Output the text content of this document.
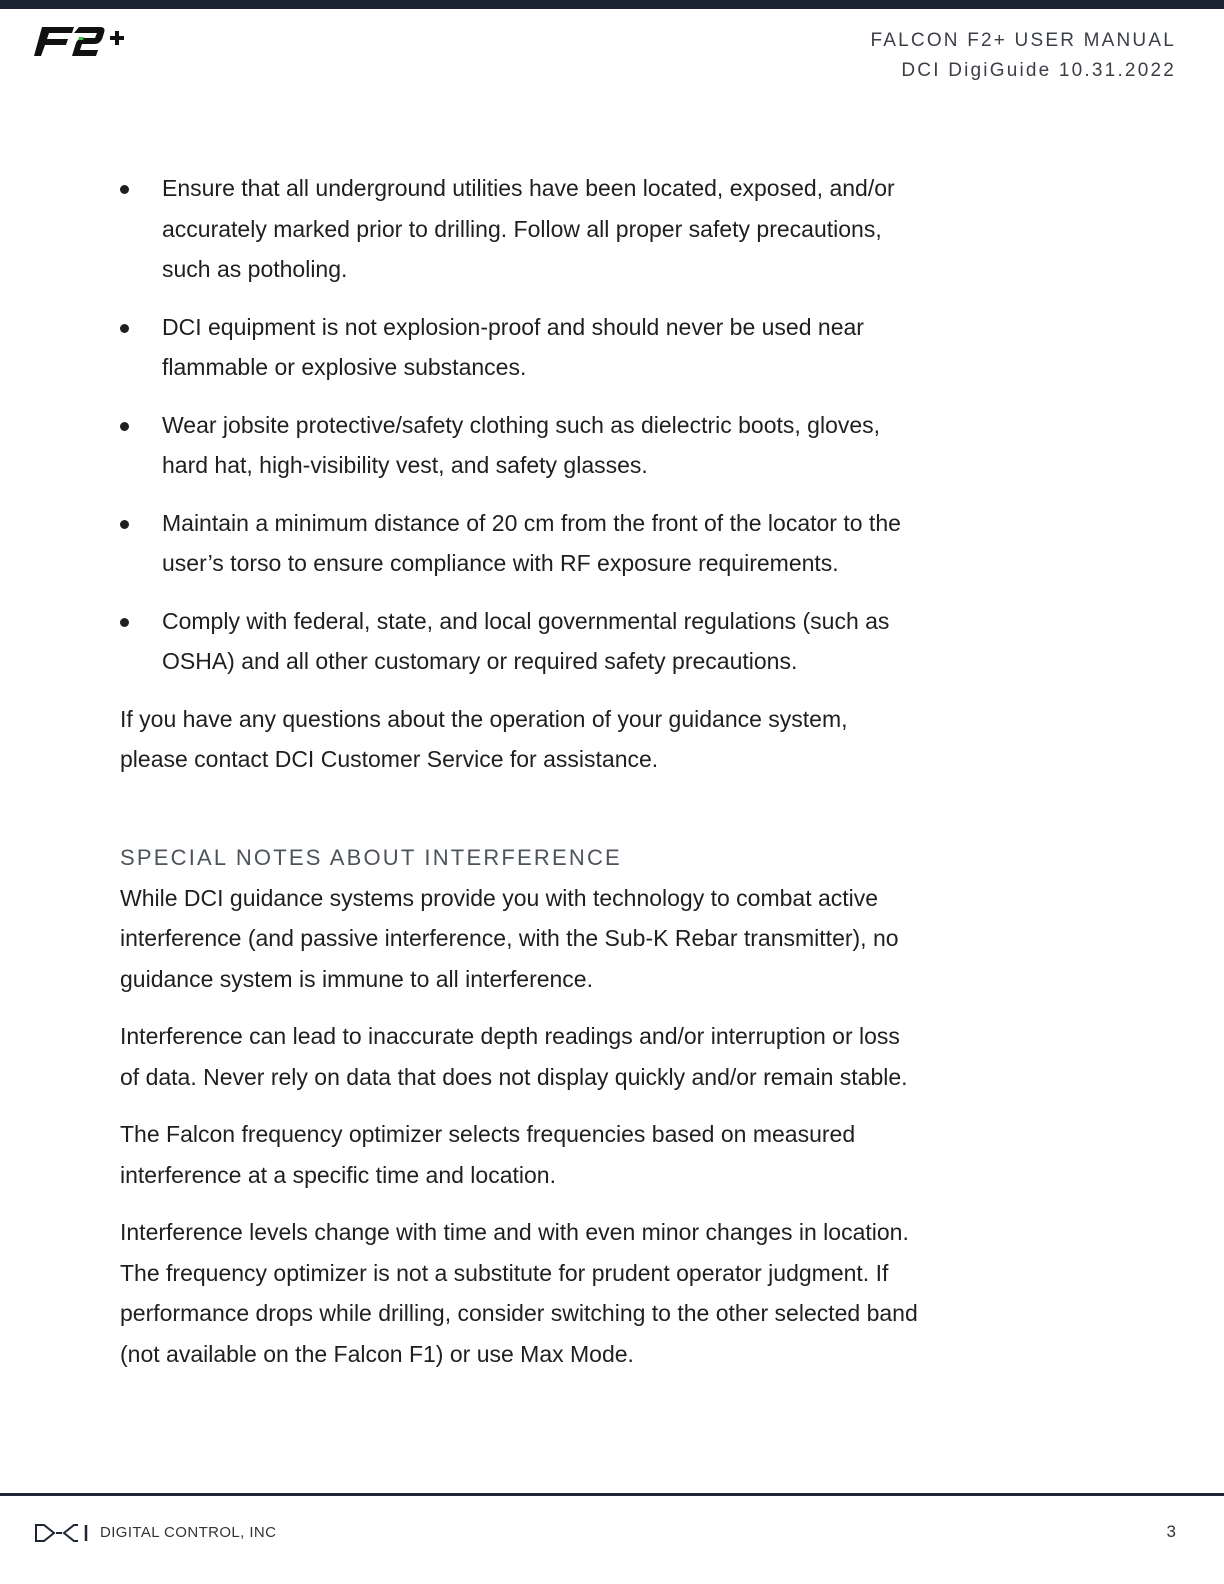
FALCON F2+ USER MANUAL
DCI DigiGuide 10.31.2022
Ensure that all underground utilities have been located, exposed, and/or accurately marked prior to drilling. Follow all proper safety precautions, such as potholing.
DCI equipment is not explosion-proof and should never be used near flammable or explosive substances.
Wear jobsite protective/safety clothing such as dielectric boots, gloves, hard hat, high-visibility vest, and safety glasses.
Maintain a minimum distance of 20 cm from the front of the locator to the user’s torso to ensure compliance with RF exposure requirements.
Comply with federal, state, and local governmental regulations (such as OSHA) and all other customary or required safety precautions.

If you have any questions about the operation of your guidance system, please contact DCI Customer Service for assistance.

SPECIAL NOTES ABOUT INTERFERENCE

While DCI guidance systems provide you with technology to combat active interference (and passive interference, with the Sub-K Rebar transmitter), no guidance system is immune to all interference.

Interference can lead to inaccurate depth readings and/or interruption or loss of data. Never rely on data that does not display quickly and/or remain stable.

The Falcon frequency optimizer selects frequencies based on measured interference at a specific time and location.

Interference levels change with time and with even minor changes in location. The frequency optimizer is not a substitute for prudent operator judgment. If performance drops while drilling, consider switching to the other selected band (not available on the Falcon F1) or use Max Mode.

DIGITAL CONTROL, INC	3
